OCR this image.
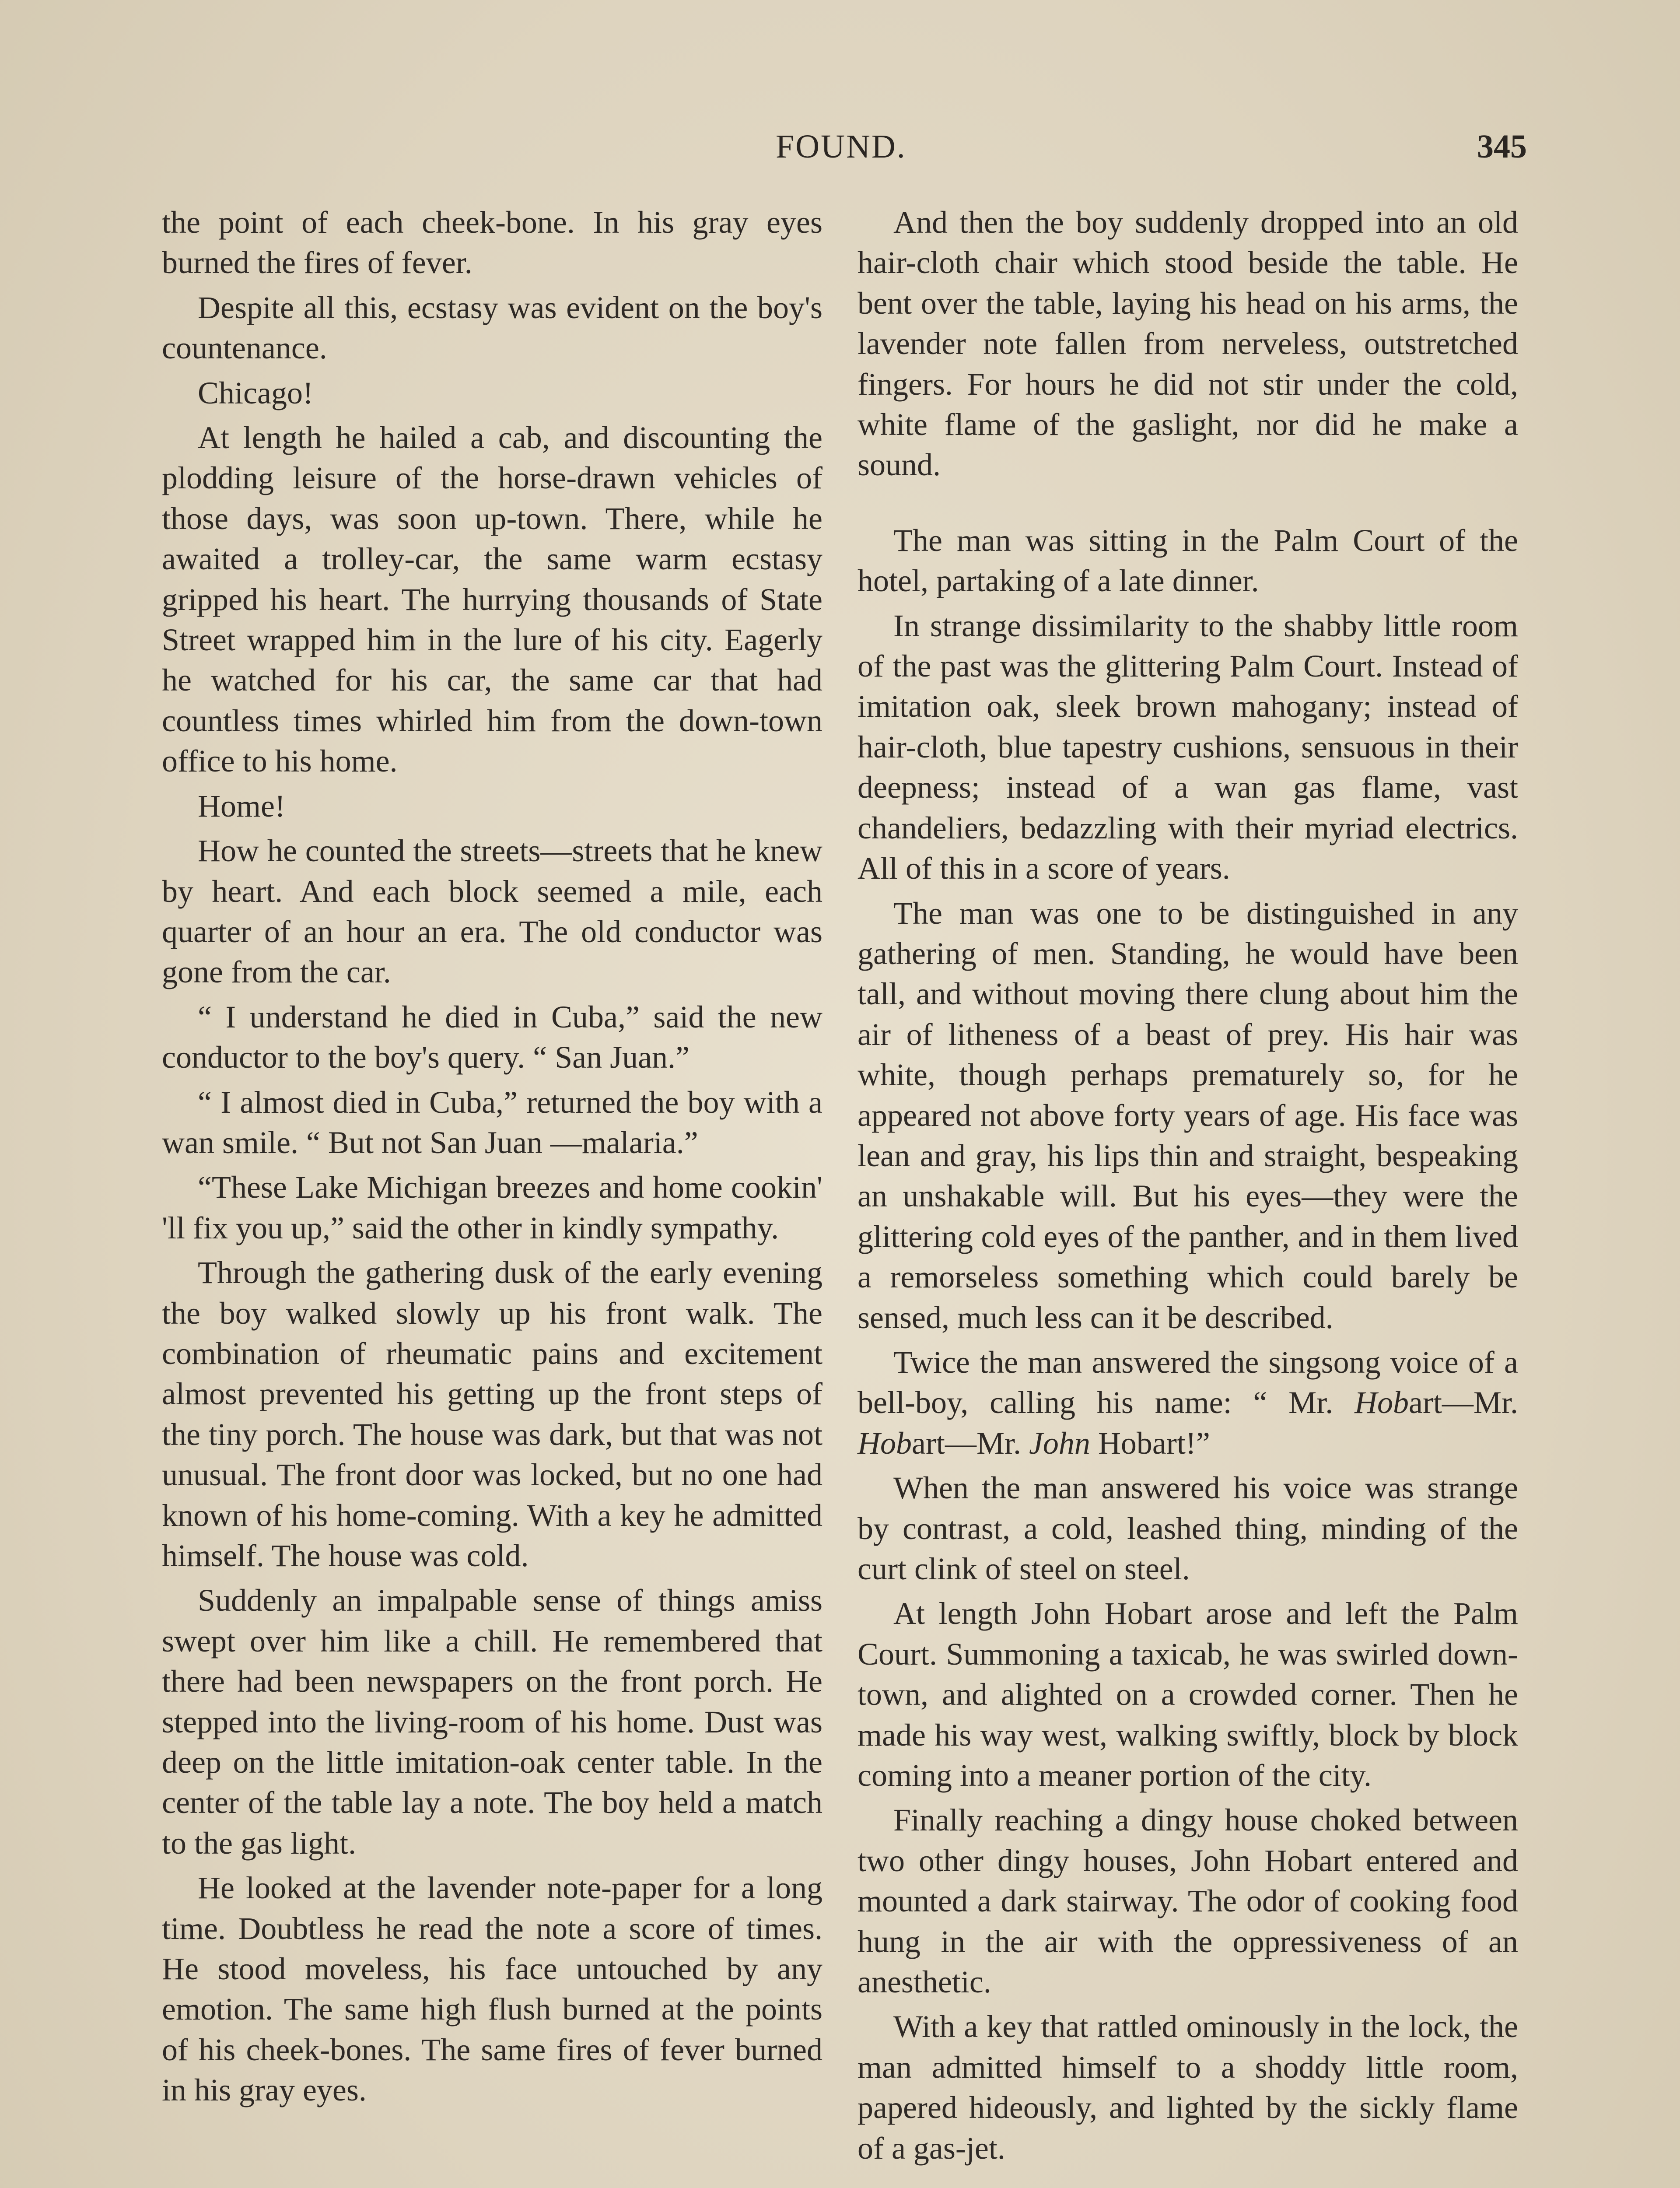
FOUND.	345

the point of each cheek-bone. In his gray eyes burned the fires of fever.

Despite all this, ecstasy was evident on the boy's countenance.

Chicago!

At length he hailed a cab, and discounting the plodding leisure of the horse-drawn vehicles of those days, was soon up-town. There, while he awaited a trolley-car, the same warm ecstasy gripped his heart. The hurrying thousands of State Street wrapped him in the lure of his city. Eagerly he watched for his car, the same car that had countless times whirled him from the down-town office to his home.

Home!

How he counted the streets—streets that he knew by heart. And each block seemed a mile, each quarter of an hour an era. The old conductor was gone from the car.

“ I understand he died in Cuba,” said the new conductor to the boy's query. “ San Juan.”

“ I almost died in Cuba,” returned the boy with a wan smile. “ But not San Juan —malaria.”

“These Lake Michigan breezes and home cookin' 'll fix you up,” said the other in kindly sympathy.

Through the gathering dusk of the early evening the boy walked slowly up his front walk. The combination of rheumatic pains and excitement almost prevented his getting up the front steps of the tiny porch. The house was dark, but that was not unusual. The front door was locked, but no one had known of his home-coming. With a key he admitted himself. The house was cold.

Suddenly an impalpable sense of things amiss swept over him like a chill. He remembered that there had been newspapers on the front porch. He stepped into the living-room of his home. Dust was deep on the little imitation-oak center table. In the center of the table lay a note. The boy held a match to the gas light.

He looked at the lavender note-paper for a long time. Doubtless he read the note a score of times. He stood moveless, his face untouched by any emotion. The same high flush burned at the points of his cheek-bones. The same fires of fever burned in his gray eyes.

And then the boy suddenly dropped into an old hair-cloth chair which stood beside the table. He bent over the table, laying his head on his arms, the lavender note fallen from nerveless, outstretched fingers. For hours he did not stir under the cold, white flame of the gaslight, nor did he make a sound.

The man was sitting in the Palm Court of the hotel, partaking of a late dinner.

In strange dissimilarity to the shabby little room of the past was the glittering Palm Court. Instead of imitation oak, sleek brown mahogany; instead of hair-cloth, blue tapestry cushions, sensuous in their deepness; instead of a wan gas flame, vast chandeliers, bedazzling with their myriad electrics. All of this in a score of years.

The man was one to be distinguished in any gathering of men. Standing, he would have been tall, and without moving there clung about him the air of litheness of a beast of prey. His hair was white, though perhaps prematurely so, for he appeared not above forty years of age. His face was lean and gray, his lips thin and straight, bespeaking an unshakable will. But his eyes—they were the glittering cold eyes of the panther, and in them lived a remorseless something which could barely be sensed, much less can it be described.

Twice the man answered the singsong voice of a bell-boy, calling his name: “ Mr. Hobart—Mr. Hobart—Mr. John Hobart!”

When the man answered his voice was strange by contrast, a cold, leashed thing, minding of the curt clink of steel on steel.

At length John Hobart arose and left the Palm Court. Summoning a taxicab, he was swirled down-town, and alighted on a crowded corner. Then he made his way west, walking swiftly, block by block coming into a meaner portion of the city.

Finally reaching a dingy house choked between two other dingy houses, John Hobart entered and mounted a dark stairway. The odor of cooking food hung in the air with the oppressiveness of an anesthetic.

With a key that rattled ominously in the lock, the man admitted himself to a shoddy little room, papered hideously, and lighted by the sickly flame of a gas-jet.
